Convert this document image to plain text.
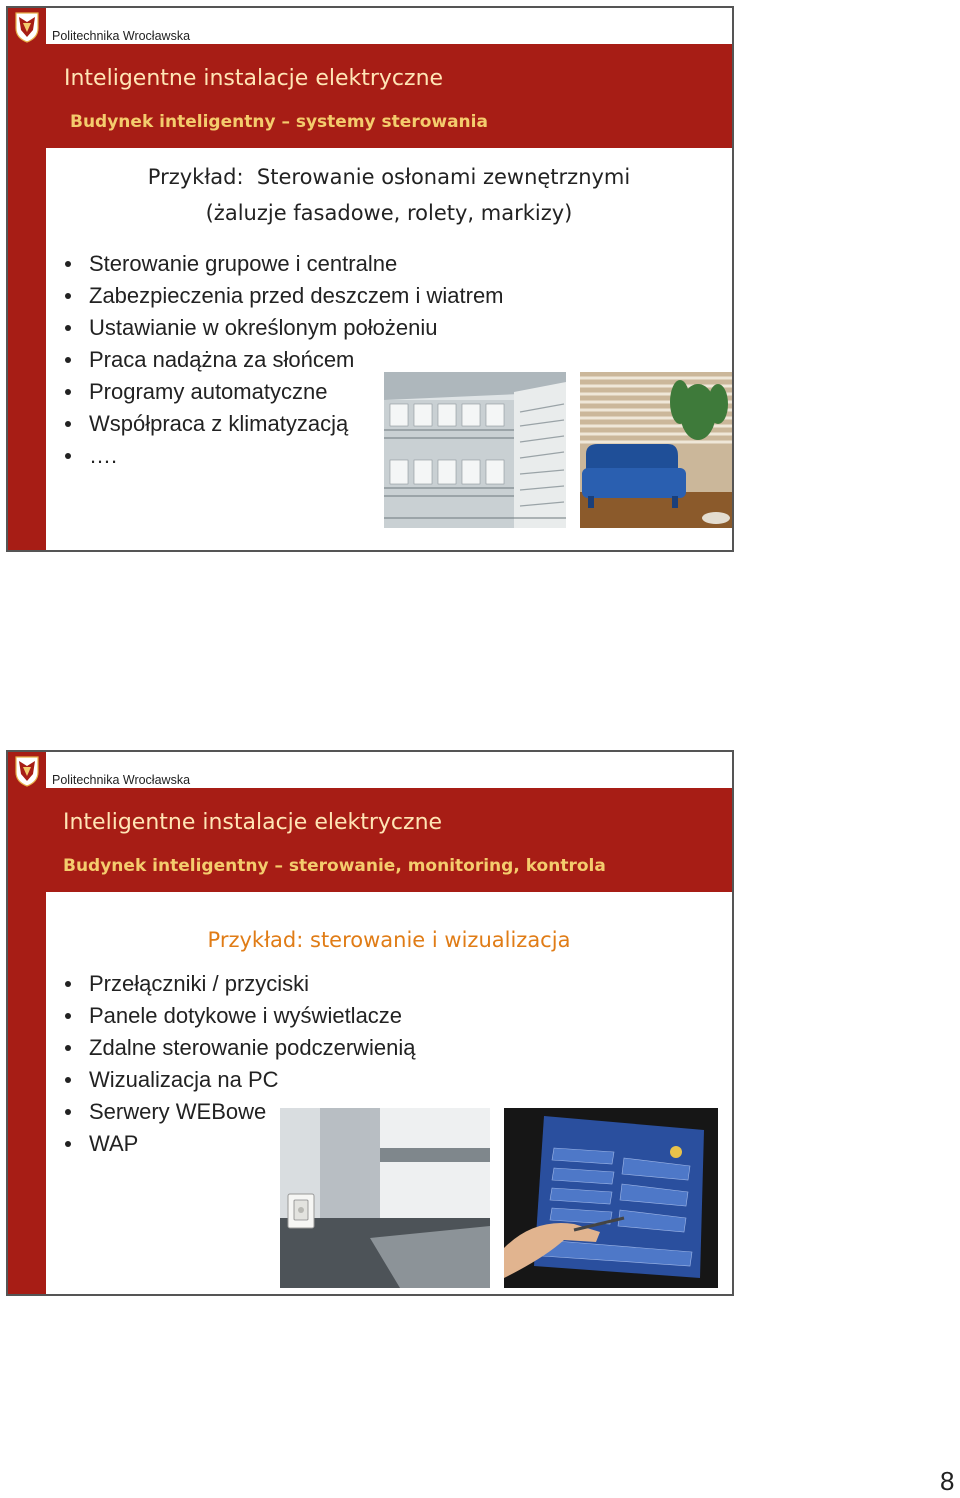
Politechnika Wrocławska
Inteligentne instalacje elektryczne
Budynek inteligentny – systemy sterowania
Przykład:  Sterowanie osłonami zewnętrznymi
(żaluzje fasadowe, rolety, markizy)
Sterowanie grupowe i centralne
Zabezpieczenia przed deszczem i wiatrem
Ustawianie w określonym położeniu
Praca nadążna za słońcem
Programy automatyczne
Współpraca z klimatyzacją
….
Politechnika Wrocławska
Inteligentne instalacje elektryczne
Budynek inteligentny – sterowanie, monitoring, kontrola
Przykład: sterowanie i wizualizacja
Przełączniki / przyciski
Panele dotykowe i wyświetlacze
Zdalne sterowanie podczerwienią
Wizualizacja na PC
Serwery WEBowe
WAP
8
